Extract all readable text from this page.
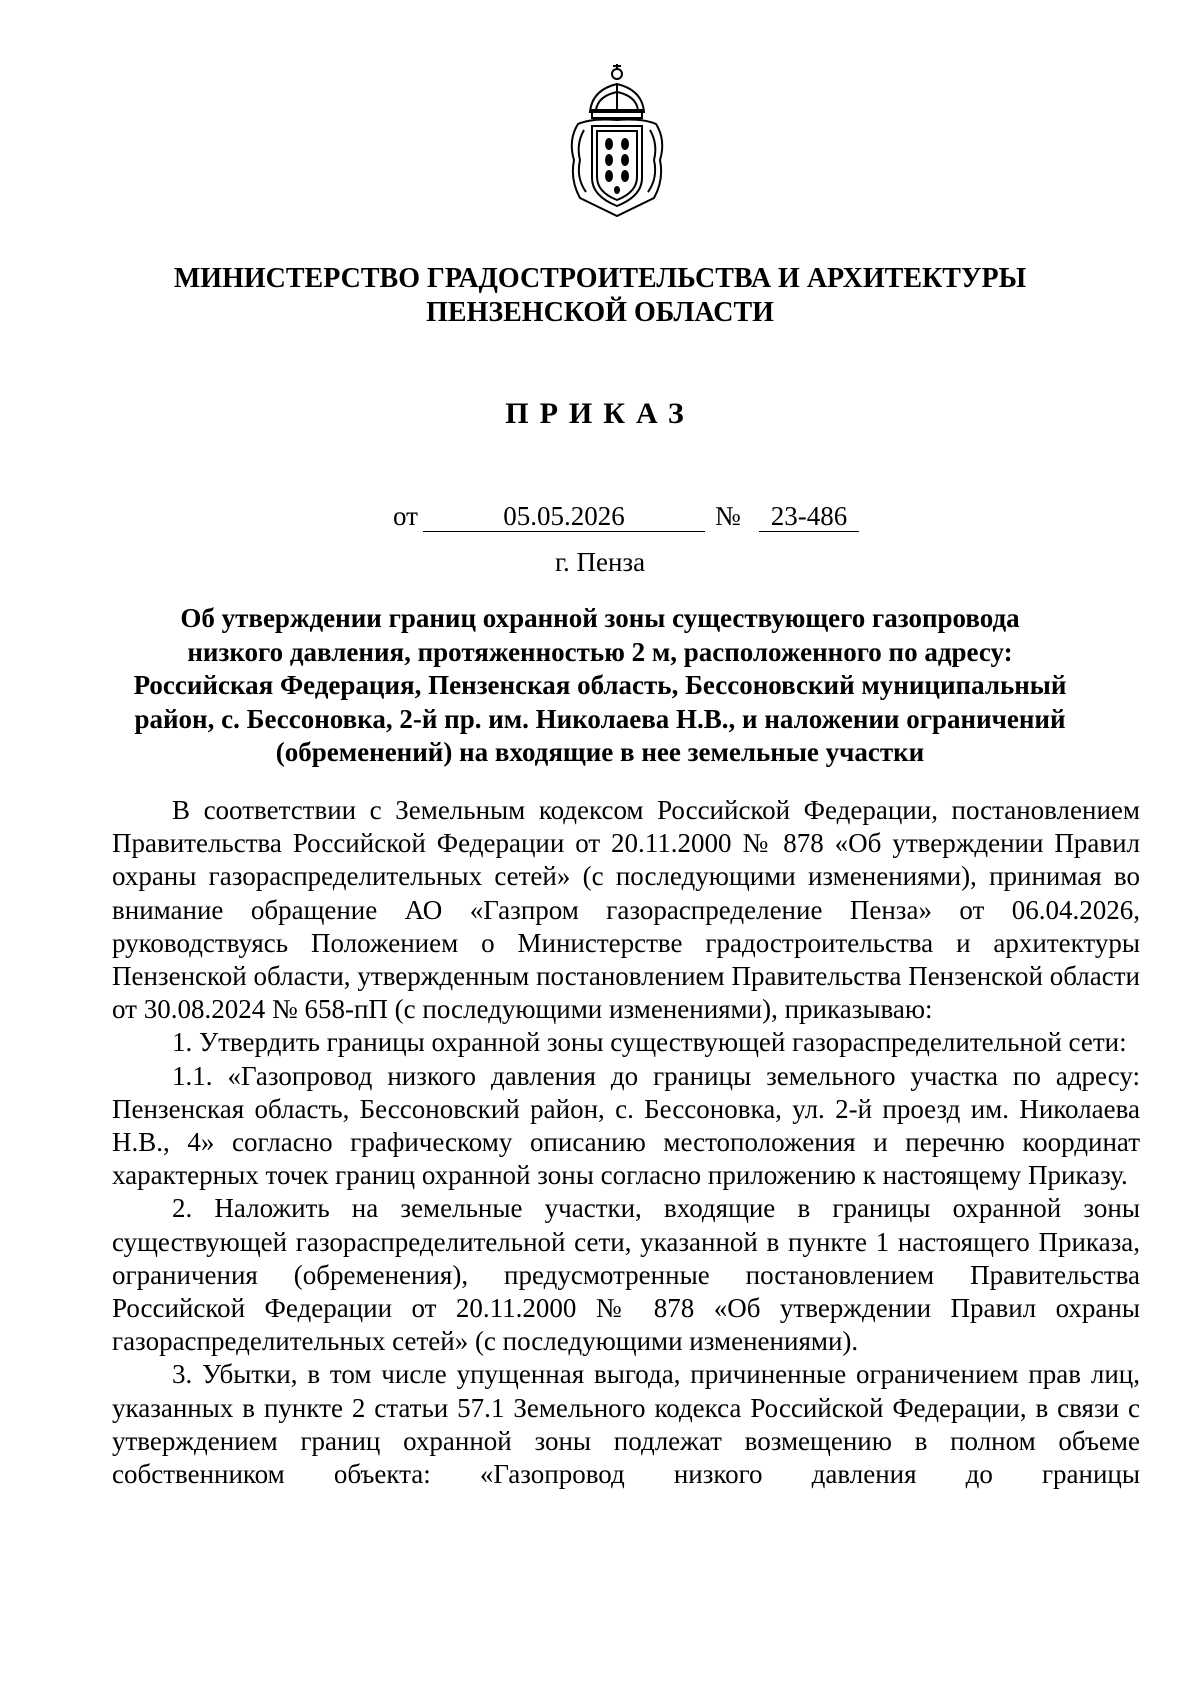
МИНИСТЕРСТВО ГРАДОСТРОИТЕЛЬСТВА И АРХИТЕКТУРЫ
ПЕНЗЕНСКОЙ ОБЛАСТИ
ПРИКАЗ
от	05.05.2026	№	23-486
г. Пенза
Об утверждении границ охранной зоны существующего газопровода
низкого давления, протяженностью 2 м, расположенного по адресу:
Российская Федерация, Пензенская область, Бессоновский муниципальный
район, с. Бессоновка, 2-й пр. им. Николаева Н.В., и наложении ограничений
(обременений) на входящие в нее земельные участки

В соответствии с Земельным кодексом Российской Федерации, постановлением Правительства Российской Федерации от 20.11.2000 № 878 «Об утверждении Правил охраны газораспределительных сетей» (с последующими изменениями), принимая во внимание обращение АО «Газпром газораспределение Пенза» от 06.04.2026, руководствуясь Положением о Министерстве градостроительства и архитектуры Пензенской области, утвержденным постановлением Правительства Пензенской области от 30.08.2024 № 658-пП (с последующими изменениями), приказываю:

1. Утвердить границы охранной зоны существующей газораспределительной сети:

1.1. «Газопровод низкого давления до границы земельного участка по адресу: Пензенская область, Бессоновский район, с. Бессоновка, ул. 2-й проезд им. Николаева Н.В., 4» согласно графическому описанию местоположения и перечню координат характерных точек границ охранной зоны согласно приложению к настоящему Приказу.

2. Наложить на земельные участки, входящие в границы охранной зоны существующей газораспределительной сети, указанной в пункте 1 настоящего Приказа, ограничения (обременения), предусмотренные постановлением Правительства Российской Федерации от 20.11.2000 № 878 «Об утверждении Правил охраны газораспределительных сетей» (с последующими изменениями).

3. Убытки, в том числе упущенная выгода, причиненные ограничением прав лиц, указанных в пункте 2 статьи 57.1 Земельного кодекса Российской Федерации, в связи с утверждением границ охранной зоны подлежат возмещению в полном объеме собственником объекта: «Газопровод низкого давления до границы
